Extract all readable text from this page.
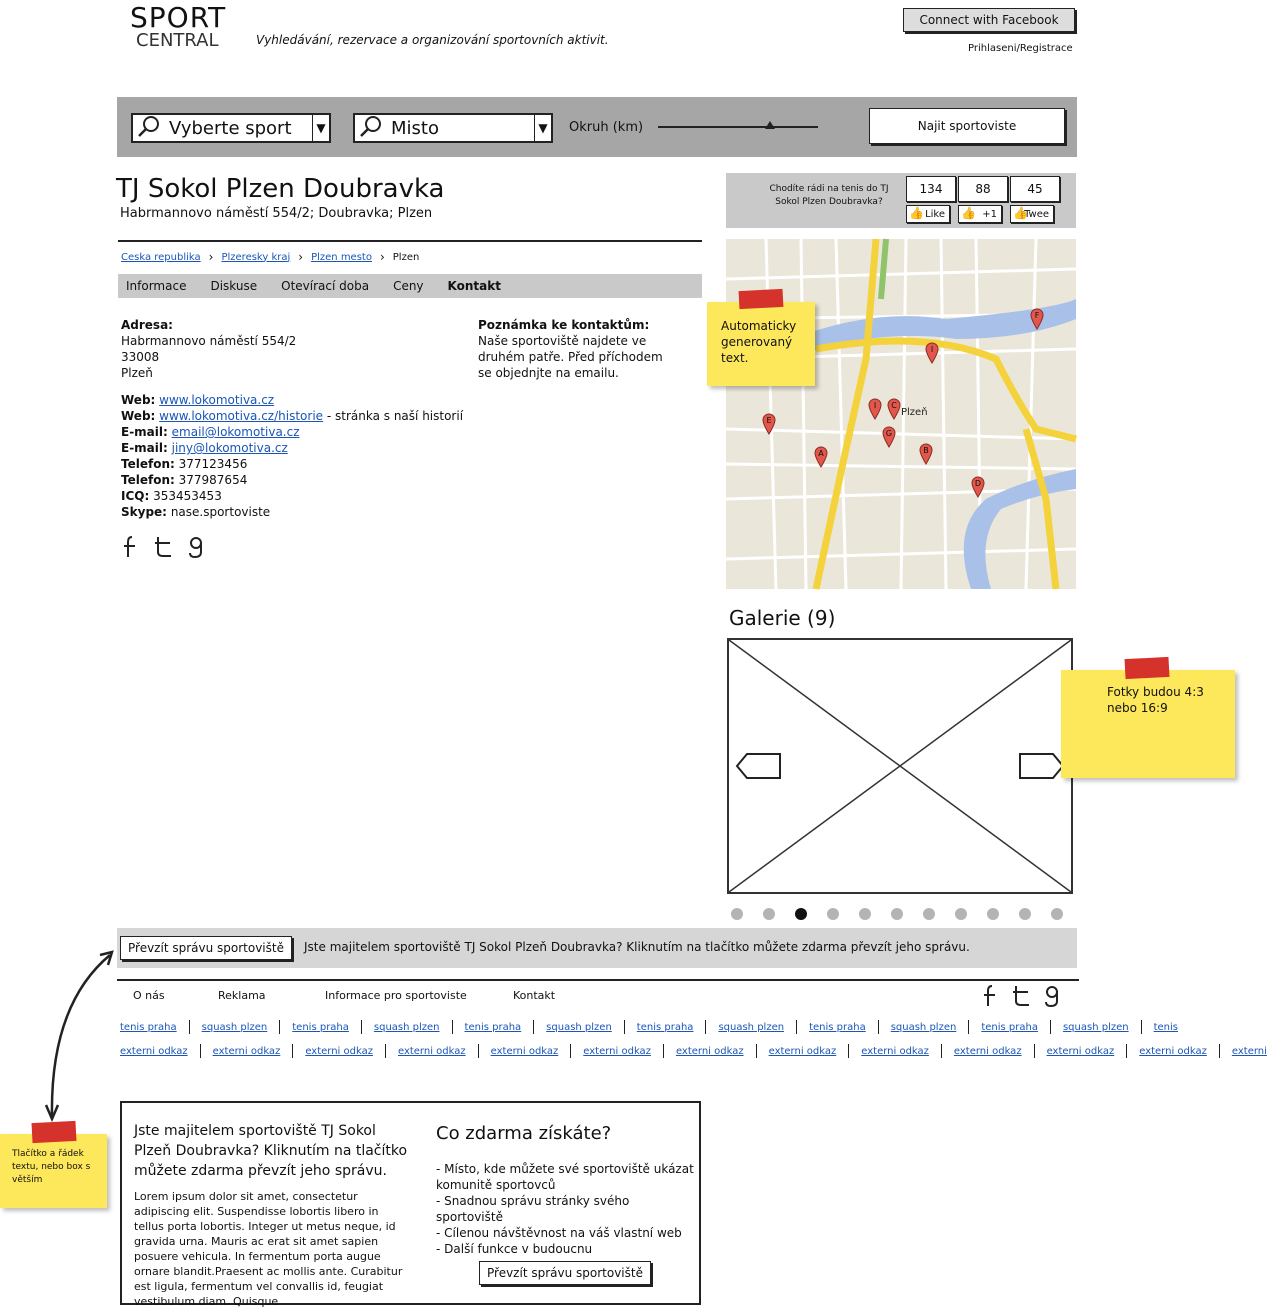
SPORT
CENTRAL	Vyhledávání, rezervace a organizování sportovních aktivit.
Connect with Facebook
Prihlaseni/Registrace
Vyberte sport	▼	Misto	▼ Okruh (km)	Najit sportoviste
TJ Sokol Plzen Doubravka
Habrmannovo náměstí 554/2; Doubravka; Plzen
Ceska republika › Plzeresky kraj › Plzen mesto › Plzen
Informace Diskuse Otevírací doba Ceny Kontakt
Adresa:
Habrmannovo náměstí 554/2
33008
Plzeň
Poznámka ke kontaktům:
Naše sportoviště najdete ve druhém patře. Před příchodem se objednjte na emailu.
Web: www.lokomotiva.cz
Web: www.lokomotiva.cz/historie - stránka s naší historií
E-mail: email@lokomotiva.cz
E-mail: jiny@lokomotiva.cz
Telefon: 377123456
Telefon: 377987654
ICQ: 353453453
Skype: nase.sportoviste
Chodíte rádi na tenis do TJ Sokol Plzen Doubravka?
134	88	45
👍 Like 👍 +1 👍
Twee
Plzeň
A	B
C
D
E
F
G
I
I
Automaticky generovaný text.
Galerie (9)
Fotky budou 4:3 nebo 16:9
Převzít správu sportoviště	Jste majitelem sportoviště TJ Sokol Plzeň Doubravka? Kliknutím na tlačítko můžete zdarma převzít jeho správu.
O nás	Reklama	Informace pro sportoviste	Kontakt
tenis praha	squash plzen	tenis praha	squash plzen	tenis praha	squash plzen	tenis praha	squash plzen	tenis praha	squash plzen	tenis praha	squash plzen	tenis
externi odkaz	externi odkaz	externi odkaz	externi odkaz	externi odkaz	externi odkaz	externi odkaz	externi odkaz	externi odkaz	externi odkaz	externi odkaz	externi odkaz	externi
Tlačítko a řádek textu, nebo box s větším
Jste majitelem sportoviště TJ Sokol Plzeň Doubravka? Kliknutím na tlačítko můžete zdarma převzít jeho správu.
Lorem ipsum dolor sit amet, consectetur adipiscing elit. Suspendisse lobortis libero in tellus porta lobortis. Integer ut metus neque, id gravida urna. Mauris ac erat sit amet sapien posuere vehicula. In fermentum porta augue ornare blandit.Praesent ac mollis ante. Curabitur est ligula, fermentum vel convallis id, feugiat vestibulum diam. Quisque
Co zdarma získáte?
- Místo, kde můžete své sportoviště ukázat komunitě sportovců
- Snadnou správu stránky svého sportoviště
- Cílenou návštěvnost na váš vlastní web
- Další funkce v budoucnu
Převzít správu sportoviště
